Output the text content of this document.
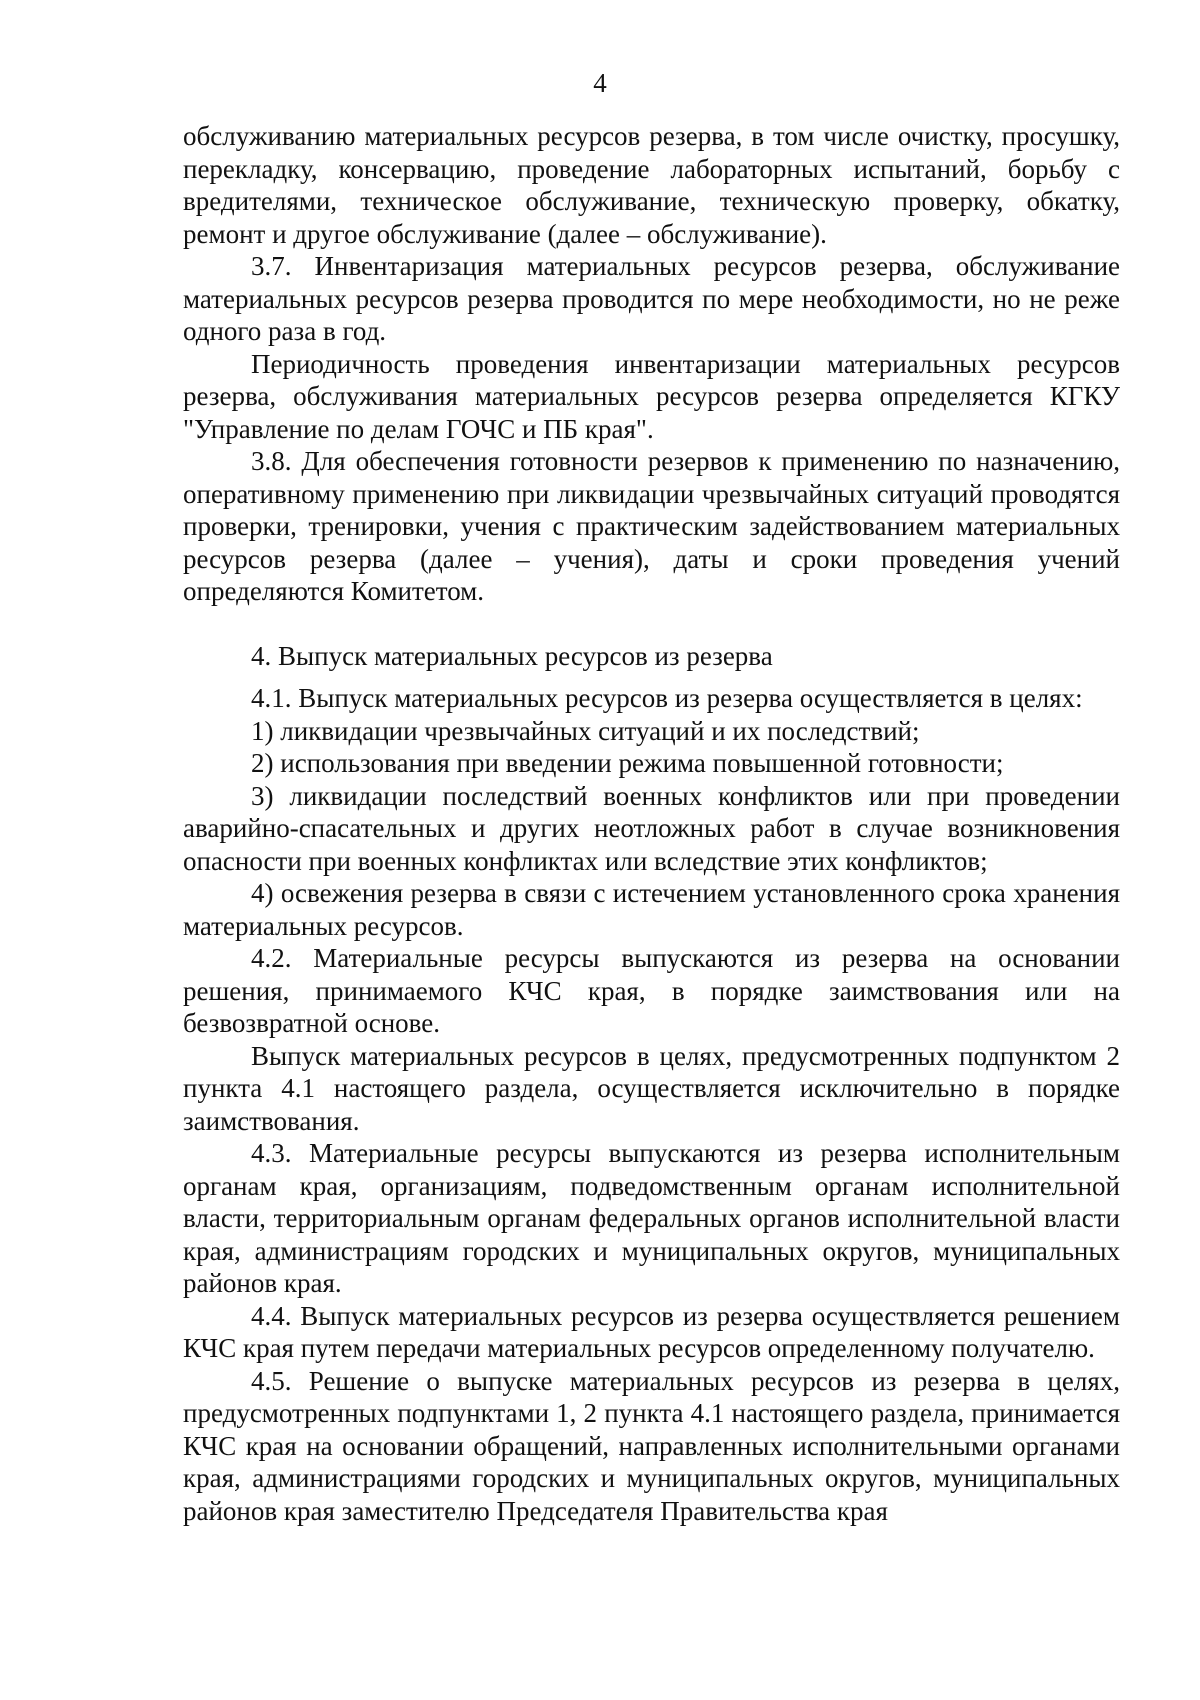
4

обслуживанию материальных ресурсов резерва, в том числе очистку, просушку, перекладку, консервацию, проведение лабораторных испытаний, борьбу с вредителями, техническое обслуживание, техническую проверку, обкатку, ремонт и другое обслуживание (далее – обслуживание).

3.7. Инвентаризация материальных ресурсов резерва, обслуживание материальных ресурсов резерва проводится по мере необходимости, но не реже одного раза в год.

Периодичность проведения инвентаризации материальных ресурсов резерва, обслуживания материальных ресурсов резерва определяется КГКУ "Управление по делам ГОЧС и ПБ края".

3.8. Для обеспечения готовности резервов к применению по назначению, оперативному применению при ликвидации чрезвычайных ситуаций проводятся проверки, тренировки, учения с практическим задействованием материальных ресурсов резерва (далее – учения), даты и сроки проведения учений определяются Комитетом.

4. Выпуск материальных ресурсов из резерва

4.1. Выпуск материальных ресурсов из резерва осуществляется в целях:

1) ликвидации чрезвычайных ситуаций и их последствий;

2) использования при введении режима повышенной готовности;

3) ликвидации последствий военных конфликтов или при проведении аварийно-спасательных и других неотложных работ в случае возникновения опасности при военных конфликтах или вследствие этих конфликтов;

4) освежения резерва в связи с истечением установленного срока хранения материальных ресурсов.

4.2. Материальные ресурсы выпускаются из резерва на основании решения, принимаемого КЧС края, в порядке заимствования или на безвозвратной основе.

Выпуск материальных ресурсов в целях, предусмотренных подпунктом 2 пункта 4.1 настоящего раздела, осуществляется исключительно в порядке заимствования.

4.3. Материальные ресурсы выпускаются из резерва исполнительным органам края, организациям, подведомственным органам исполнительной власти, территориальным органам федеральных органов исполнительной власти края, администрациям городских и муниципальных округов, муниципальных районов края.

4.4. Выпуск материальных ресурсов из резерва осуществляется решением КЧС края путем передачи материальных ресурсов определенному получателю.

4.5. Решение о выпуске материальных ресурсов из резерва в целях, предусмотренных подпунктами 1, 2 пункта 4.1 настоящего раздела, принимается КЧС края на основании обращений, направленных исполнительными органами края, администрациями городских и муниципальных округов, муниципальных районов края заместителю Председателя Правительства края
